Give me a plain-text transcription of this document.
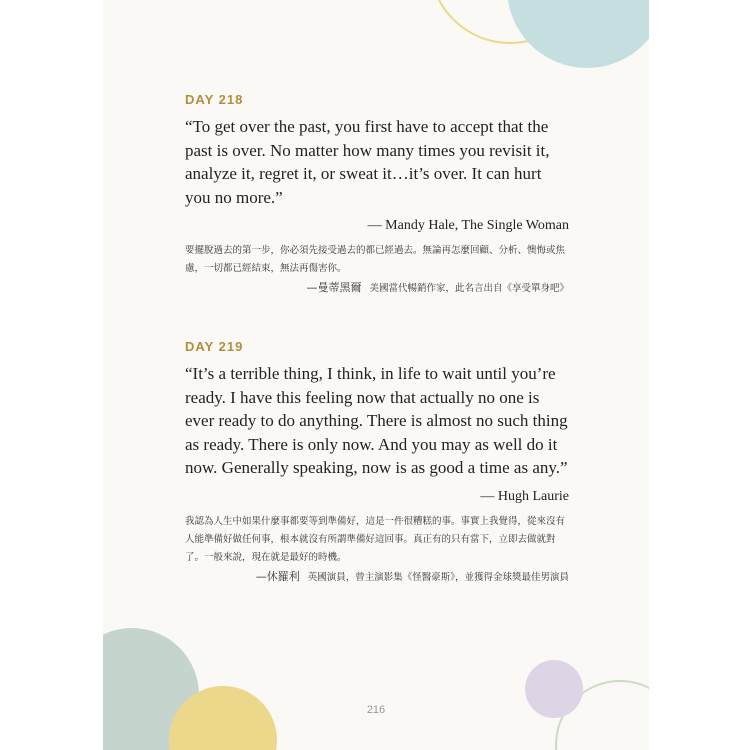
DAY 218
“To get over the past, you first have to accept that the past is over. No matter how many times you revisit it, analyze it, regret it, or sweat it…it’s over. It can hurt you no more.”
— Mandy Hale, The Single Woman
要擺脫過去的第一步，你必須先接受過去的都已經過去。無論再怎麼回顧、分析、懊悔或焦慮，一切都已經結束，無法再傷害你。
—曼蒂黑爾 美國當代暢銷作家，此名言出自《享受單身吧》
DAY 219
“It’s a terrible thing, I think, in life to wait until you’re ready. I have this feeling now that actually no one is ever ready to do anything. There is almost no such thing as ready. There is only now. And you may as well do it now. Generally speaking, now is as good a time as any.”
— Hugh Laurie
我認為人生中如果什麼事都要等到準備好，這是一件很糟糕的事。事實上我覺得，從來沒有人能準備好做任何事，根本就沒有所謂準備好這回事。真正有的只有當下，立即去做就對了。一般來說，現在就是最好的時機。
—休羅利 英國演員，曾主演影集《怪醫豪斯》，並獲得金球獎最佳男演員
216
